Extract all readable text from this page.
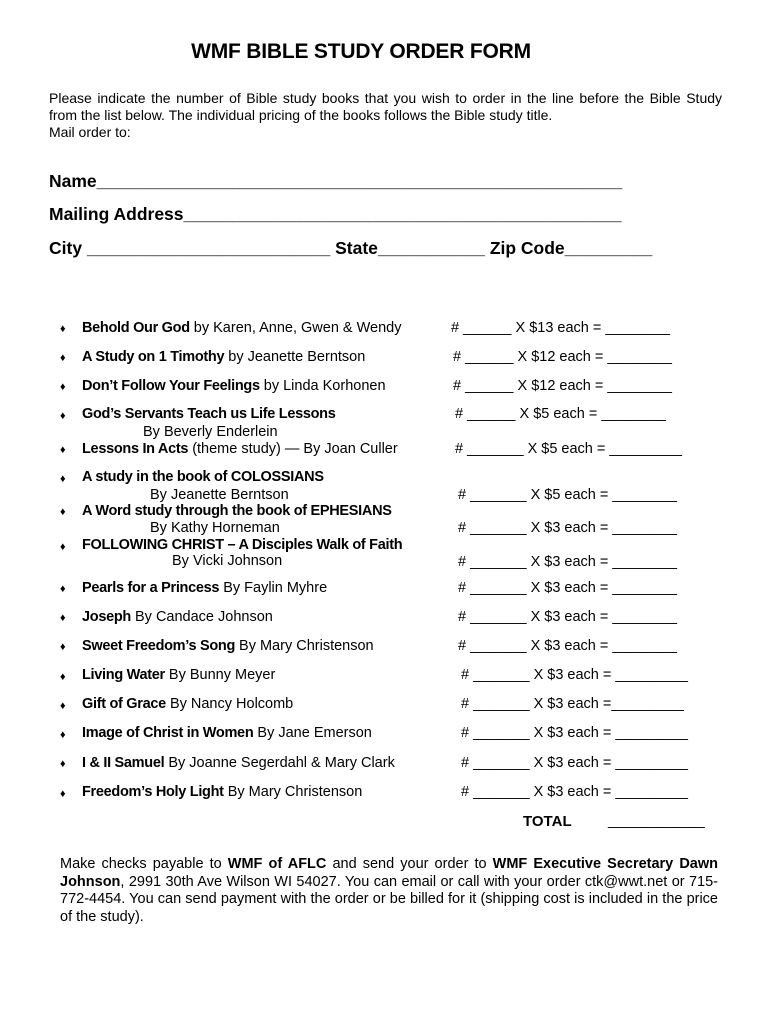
WMF BIBLE STUDY ORDER FORM
Please indicate the number of Bible study books that you wish to order in the line before the Bible Study from the list below. The individual pricing of the books follows the Bible study title.
Mail order to:
Name______________________________________________________
Mailing Address_____________________________________________
City _________________________ State___________ Zip Code_________
♦ Behold Our God by Karen, Anne, Gwen & Wendy	# ______ X $13 each = ________
♦ A Study on 1 Timothy by Jeanette Berntson	# ______ X $12 each = ________
♦ Don’t Follow Your Feelings by Linda Korhonen	# ______ X $12 each = ________
♦ God’s Servants Teach us Life Lessons
By Beverly Enderlein
# ______ X $5 each = ________
♦ Lessons In Acts (theme study) — By Joan Culler	# _______ X $5 each = _________
♦ A study in the book of COLOSSIANS
By Jeanette Berntson	# _______ X $5 each = ________
♦ A Word study through the book of EPHESIANS
By Kathy Horneman	# _______ X $3 each = ________
♦ FOLLOWING CHRIST – A Disciples Walk of Faith
By Vicki Johnson	# _______ X $3 each = ________
♦ Pearls for a Princess By Faylin Myhre	# _______ X $3 each = ________
♦ Joseph By Candace Johnson	# _______ X $3 each = ________
♦ Sweet Freedom’s Song By Mary Christenson	# _______ X $3 each = ________
♦ Living Water By Bunny Meyer	# _______ X $3 each = _________
♦ Gift of Grace By Nancy Holcomb	# _______ X $3 each =_________
♦ Image of Christ in Women By Jane Emerson	# _______ X $3 each = _________
♦ I & II Samuel By Joanne Segerdahl & Mary Clark	# _______ X $3 each = _________
♦ Freedom’s Holy Light By Mary Christenson	# _______ X $3 each = _________
TOTAL	____________
Make checks payable to WMF of AFLC and send your order to WMF Executive Secretary Dawn Johnson, 2991 30th Ave Wilson WI 54027. You can email or call with your order ctk@wwt.net or 715-772-4454. You can send payment with the order or be billed for it (shipping cost is included in the price of the study).
